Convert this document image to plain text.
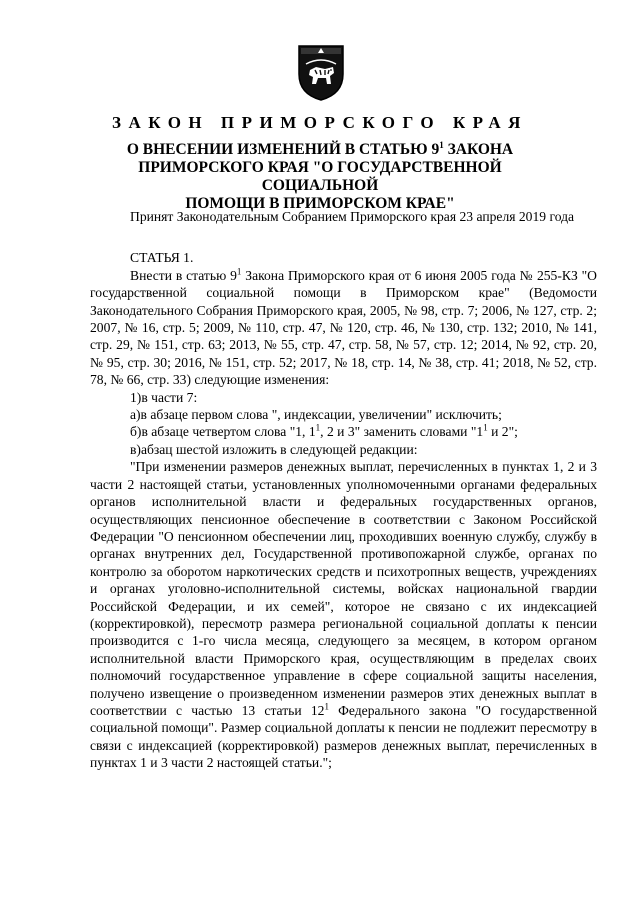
ЗАКОН ПРИМОРСКОГО КРАЯ
О ВНЕСЕНИИ ИЗМЕНЕНИЙ В СТАТЬЮ $9^1$ ЗАКОНА
ПРИМОРСКОГО КРАЯ "О ГОСУДАРСТВЕННОЙ СОЦИАЛЬНОЙ
ПОМОЩИ В ПРИМОРСКОМ КРАЕ"

Принят Законодательным Собранием Приморского края 23 апреля 2019 года

СТАТЬЯ 1.

Внести в статью $9^1$ Закона Приморского края от 6 июня 2005 года № 255-КЗ "О государственной социальной помощи в Приморском крае" (Ведомости Законодательного Собрания Приморского края, 2005, № 98, стр. 7; 2006, № 127, стр. 2; 2007, № 16, стр. 5; 2009, № 110, стр. 47, № 120, стр. 46, № 130, стр. 132; 2010, № 141, стр. 29, № 151, стр. 63; 2013, № 55, стр. 47, стр. 58, № 57, стр. 12; 2014, № 92, стр. 20, № 95, стр. 30; 2016, № 151, стр. 52; 2017, № 18, стр. 14, № 38, стр. 41; 2018, № 52, стр. 78, № 66, стр. 33) следующие изменения:

1)в части 7:

а)в абзаце первом слова ", индексации, увеличении" исключить;

б)в абзаце четвертом слова "1, $1^1$, 2 и 3" заменить словами "$1^1$ и 2";

в)абзац шестой изложить в следующей редакции:

"При изменении размеров денежных выплат, перечисленных в пунктах 1, 2 и 3 части 2 настоящей статьи, установленных уполномоченными органами федеральных органов исполнительной власти и федеральных государственных органов, осуществляющих пенсионное обеспечение в соответствии с Законом Российской Федерации "О пенсионном обеспечении лиц, проходивших военную службу, службу в органах внутренних дел, Государственной противопожарной службе, органах по контролю за оборотом наркотических средств и психотропных веществ, учреждениях и органах уголовно-исполнительной системы, войсках национальной гвардии Российской Федерации, и их семей", которое не связано с их индексацией (корректировкой), пересмотр размера региональной социальной доплаты к пенсии производится с 1-го числа месяца, следующего за месяцем, в котором органом исполнительной власти Приморского края, осуществляющим в пределах своих полномочий государственное управление в сфере социальной защиты населения, получено извещение о произведенном изменении размеров этих денежных выплат в соответствии с частью 13 статьи $12^1$ Федерального закона "О государственной социальной помощи". Размер социальной доплаты к пенсии не подлежит пересмотру в связи с индексацией (корректировкой) размеров денежных выплат, перечисленных в пунктах 1 и 3 части 2 настоящей статьи.";
